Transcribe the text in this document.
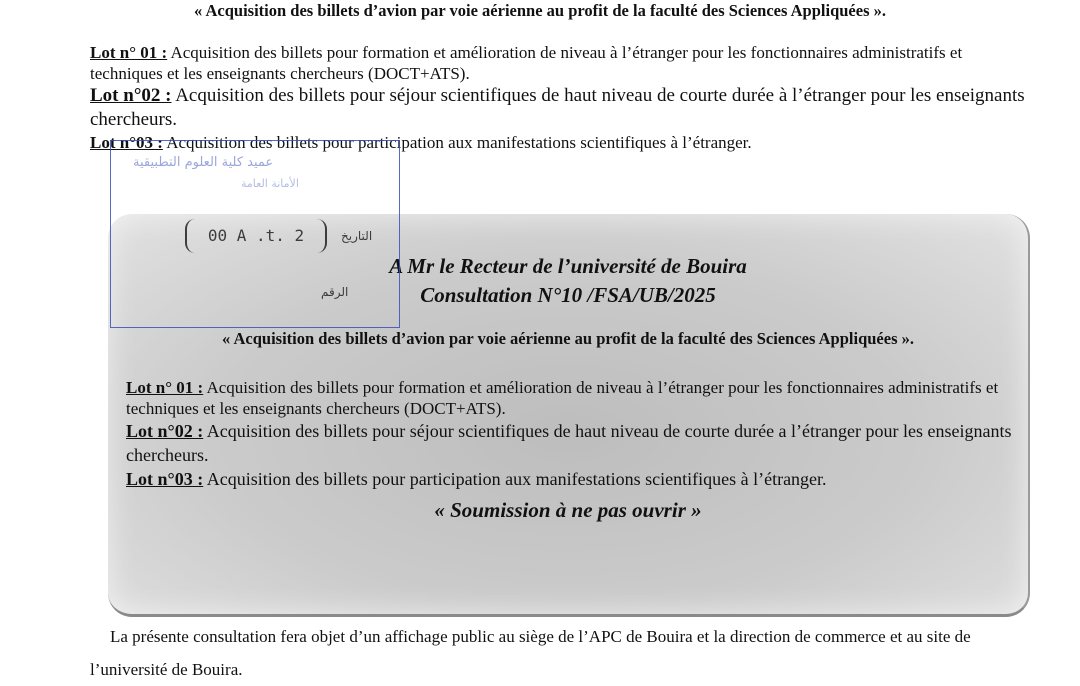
« Acquisition des billets d’avion par voie aérienne au profit de la faculté des Sciences Appliquées ».

Lot n° 01 : Acquisition des billets pour formation et amélioration de niveau à l’étranger pour les fonctionnaires administratifs et techniques et les enseignants chercheurs (DOCT+ATS).

Lot n°02 : Acquisition des billets pour séjour scientifiques de haut niveau de courte durée à l’étranger pour les enseignants chercheurs.

Lot n°03 : Acquisition des billets pour participation aux manifestations scientifiques à l’étranger.

A Mr le Recteur de l’université de Bouira
Consultation N°10 /FSA/UB/2025
« Acquisition des billets d’avion par voie aérienne au profit de la faculté des Sciences Appliquées ».

Lot n° 01 : Acquisition des billets pour formation et amélioration de niveau à l’étranger pour les fonctionnaires administratifs et techniques et les enseignants chercheurs (DOCT+ATS).

Lot n°02 : Acquisition des billets pour séjour scientifiques de haut niveau de courte durée a l’étranger pour les enseignants chercheurs.

Lot n°03 : Acquisition des billets pour participation aux manifestations scientifiques à l’étranger.

« Soumission à ne pas ouvrir »
عميد كلية العلوم التطبيقية
الأمانة العامة
00 A .t. 2	التاريخ
الرقم

La présente consultation fera objet d’un affichage public au siège de l’APC de Bouira et la direction de commerce et au site de l’université de Bouira.
